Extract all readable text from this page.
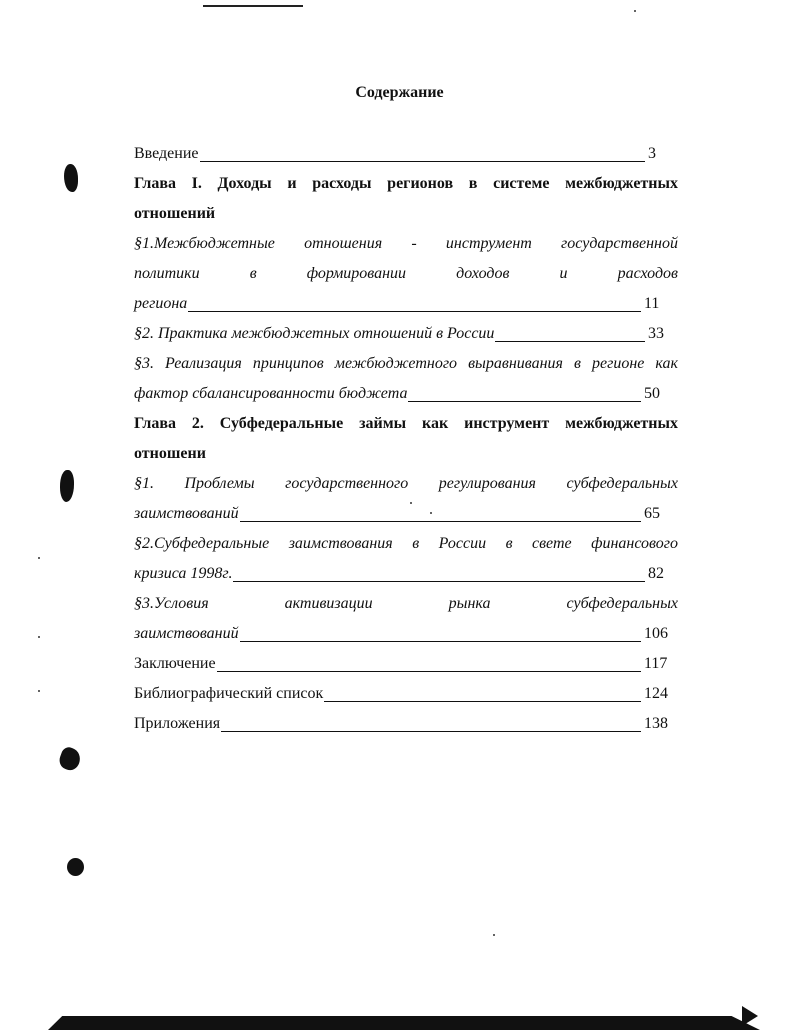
Содержание
Введение	3

Глава I. Доходы и расходы регионов в системе межбюджетных

отношений

§1.Межбюджетные отношения - инструмент государственной

политики в формировании доходов и расходов

региона	11
§2. Практика межбюджетных отношений в России	33

§3. Реализация принципов межбюджетного выравнивания в регионе как

фактор сбалансированности бюджета	50

Глава 2. Субфедеральные займы как инструмент межбюджетных

отношени

§1. Проблемы государственного регулирования субфедеральных

заимствований	65

§2.Субфедеральные заимствования в России в свете финансового

кризиса 1998г.	82

§3.Условия активизации рынка субфедеральных

заимствований	106
Заключение	117
Библиографический список	124
Приложения	138
